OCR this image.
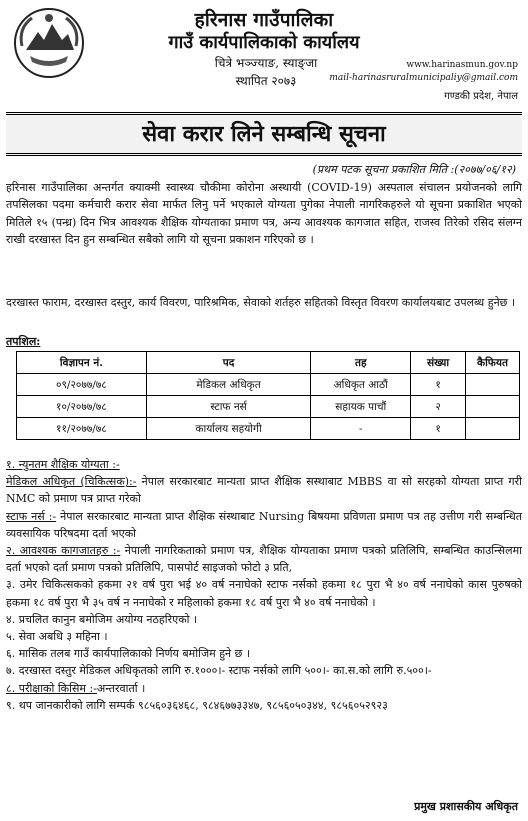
हरिनास गाउँपालिका
गाउँ कार्यपालिकाको कार्यालय
चित्रे भञ्ज्याङ, स्याङ्जा
स्थापित २०७३
www.harinasmun.gov.np
mail-harinasruralmunicipaliy@gmail.com
गण्डकी प्रदेश, नेपाल
सेवा करार लिने सम्बन्धि सूचना
(प्रथम पटक सूचना प्रकाशित मिति :(२०७७/०६/१२)

हरिनास गाउँपालिका अन्तर्गत क्याक्मी स्वास्थ्य चौकीमा कोरोना अस्थायी (COVID-19) अस्पताल संचालन प्रयोजनको लागि तपसिलका पदमा कर्मचारी करार सेवा मार्फत लिनु पर्ने भएकाले योग्यता पुगेका नेपाली नागरिकहरुले यो सूचना प्रकाशित भएको मितिले १५ (पन्ध्र) दिन भित्र आवश्यक शैक्षिक योग्यताका प्रमाण पत्र, अन्य आवश्यक कागजात सहित, राजस्व तिरेको रसिद संलग्न राखी दरखास्त दिन हुन सम्बन्धित सबैको लागि यो सूचना प्रकाशन गरिएको छ ।

दरखास्त फाराम, दरखास्त दस्तुर, कार्य विवरण, पारिश्रमिक, सेवाको शर्तहरु सहितको विस्तृत विवरण कार्यालयबाट उपलब्ध हुनेछ ।

तपशिल:
विज्ञापन नं.	पद	तह	संख्या	कैफियत
०९/२०७७/७८	मेडिकल अधिकृत	अधिकृत आठौं	१	
१०/२०७७/७८	स्टाफ नर्स	सहायक पाचौं	२	
११/२०७७/७८	कार्यालय सहयोगी	-	१	
१. न्युनतम शैक्षिक योग्यता :-
मेडिकल अधिकृत (चिकित्सक):- नेपाल सरकारबाट मान्यता प्राप्त शैक्षिक सस्थाबाट MBBS वा सो सरहको योग्यता प्राप्त गरी NMC को प्रमाण पत्र प्राप्त गरेको
स्टाफ नर्स :- नेपाल सरकारबाट मान्यता प्राप्त शैक्षिक संस्थाबाट Nursing बिषयमा प्रविणता प्रमाण पत्र तह उत्तीण गरी सम्बन्धित व्यवसायिक परिषदमा दर्ता भएको
२. आवश्यक कागजातहरु :- नेपाली नागरिकताको प्रमाण पत्र, शैक्षिक योग्यताका प्रमाण पत्रको प्रतिलिपि, सम्बन्धित काउन्सिलमा दर्ता भएको दर्ता प्रमाण पत्रको प्रतिलिपि, पासपोर्ट साइजको फोटो ३ प्रति,
३. उमेर चिकित्सकको हकमा २१ वर्ष पुरा भई ४० वर्ष ननाघेको स्टाफ नर्सको हकमा १८ पुरा भै ४० वर्ष ननाघेको कास पुरुषको हकमा १८ वर्ष पुरा भै ३५ वर्ष न ननाघेको र महिलाको हकमा १८ वर्ष पुरा भै ४० वर्ष ननाघेको ।
४. प्रचलित कानुन बमोजिम अयोग्य नठहरिएको ।
५. सेवा अबधि ३ महिना ।
६. मासिक तलब गाउँ कार्यपालिकाको निर्णय बमोजिम हुने छ ।
७. दरखास्त दस्तुर मेडिकल अधिकृतको लागि रु.१०००।- स्टाफ नर्सको लागि ५००।- का.स.को लागि रु.५००।-
८. परीक्षाको किसिम :-अन्तरवार्ता ।
९. थप जानकारीको लागि सम्पर्क ९८५६०३६४६८, ९८४६७७३३४७, ९८५६०५०३४४, ९८५६०५२९२३
प्रमुख प्रशासकीय अधिकृत
